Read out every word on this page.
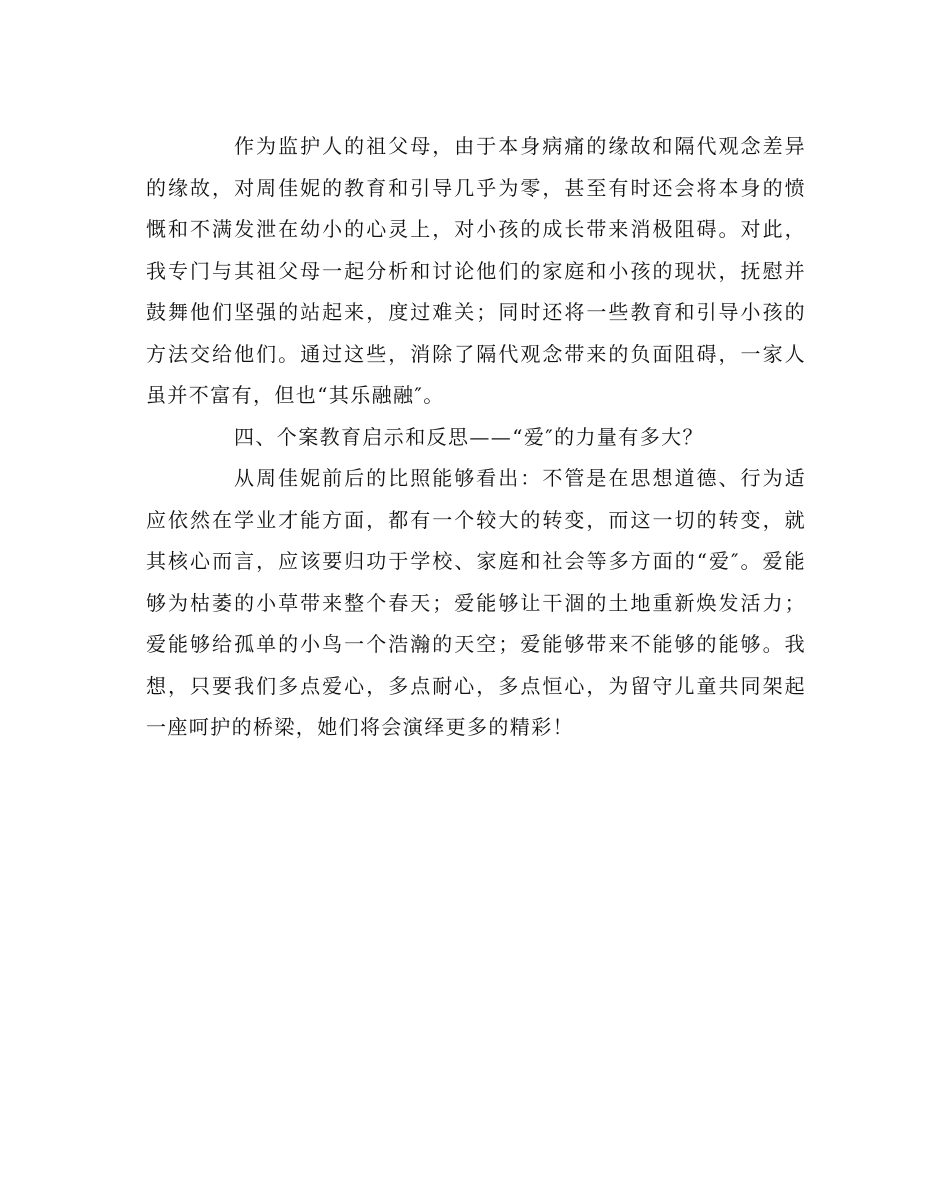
作为监护人的祖父母，由于本身病痛的缘故和隔代观念差异的缘故，对周佳妮的教育和引导几乎为零，甚至有时还会将本身的愤慨和不满发泄在幼小的心灵上，对小孩的成长带来消极阻碍。对此，我专门与其祖父母一起分析和讨论他们的家庭和小孩的现状，抚慰并鼓舞他们坚强的站起来，度过难关；同时还将一些教育和引导小孩的方法交给他们。通过这些，消除了隔代观念带来的负面阻碍，一家人虽并不富有，但也“其乐融融″。

四、个案教育启示和反思——“爱″的力量有多大？

从周佳妮前后的比照能够看出：不管是在思想道德、行为适应依然在学业才能方面，都有一个较大的转变，而这一切的转变，就其核心而言，应该要归功于学校、家庭和社会等多方面的“爱″。爱能够为枯萎的小草带来整个春天；爱能够让干涸的土地重新焕发活力；爱能够给孤单的小鸟一个浩瀚的天空；爱能够带来不能够的能够。我想，只要我们多点爱心，多点耐心，多点恒心，为留守儿童共同架起一座呵护的桥梁，她们将会演绎更多的精彩！
